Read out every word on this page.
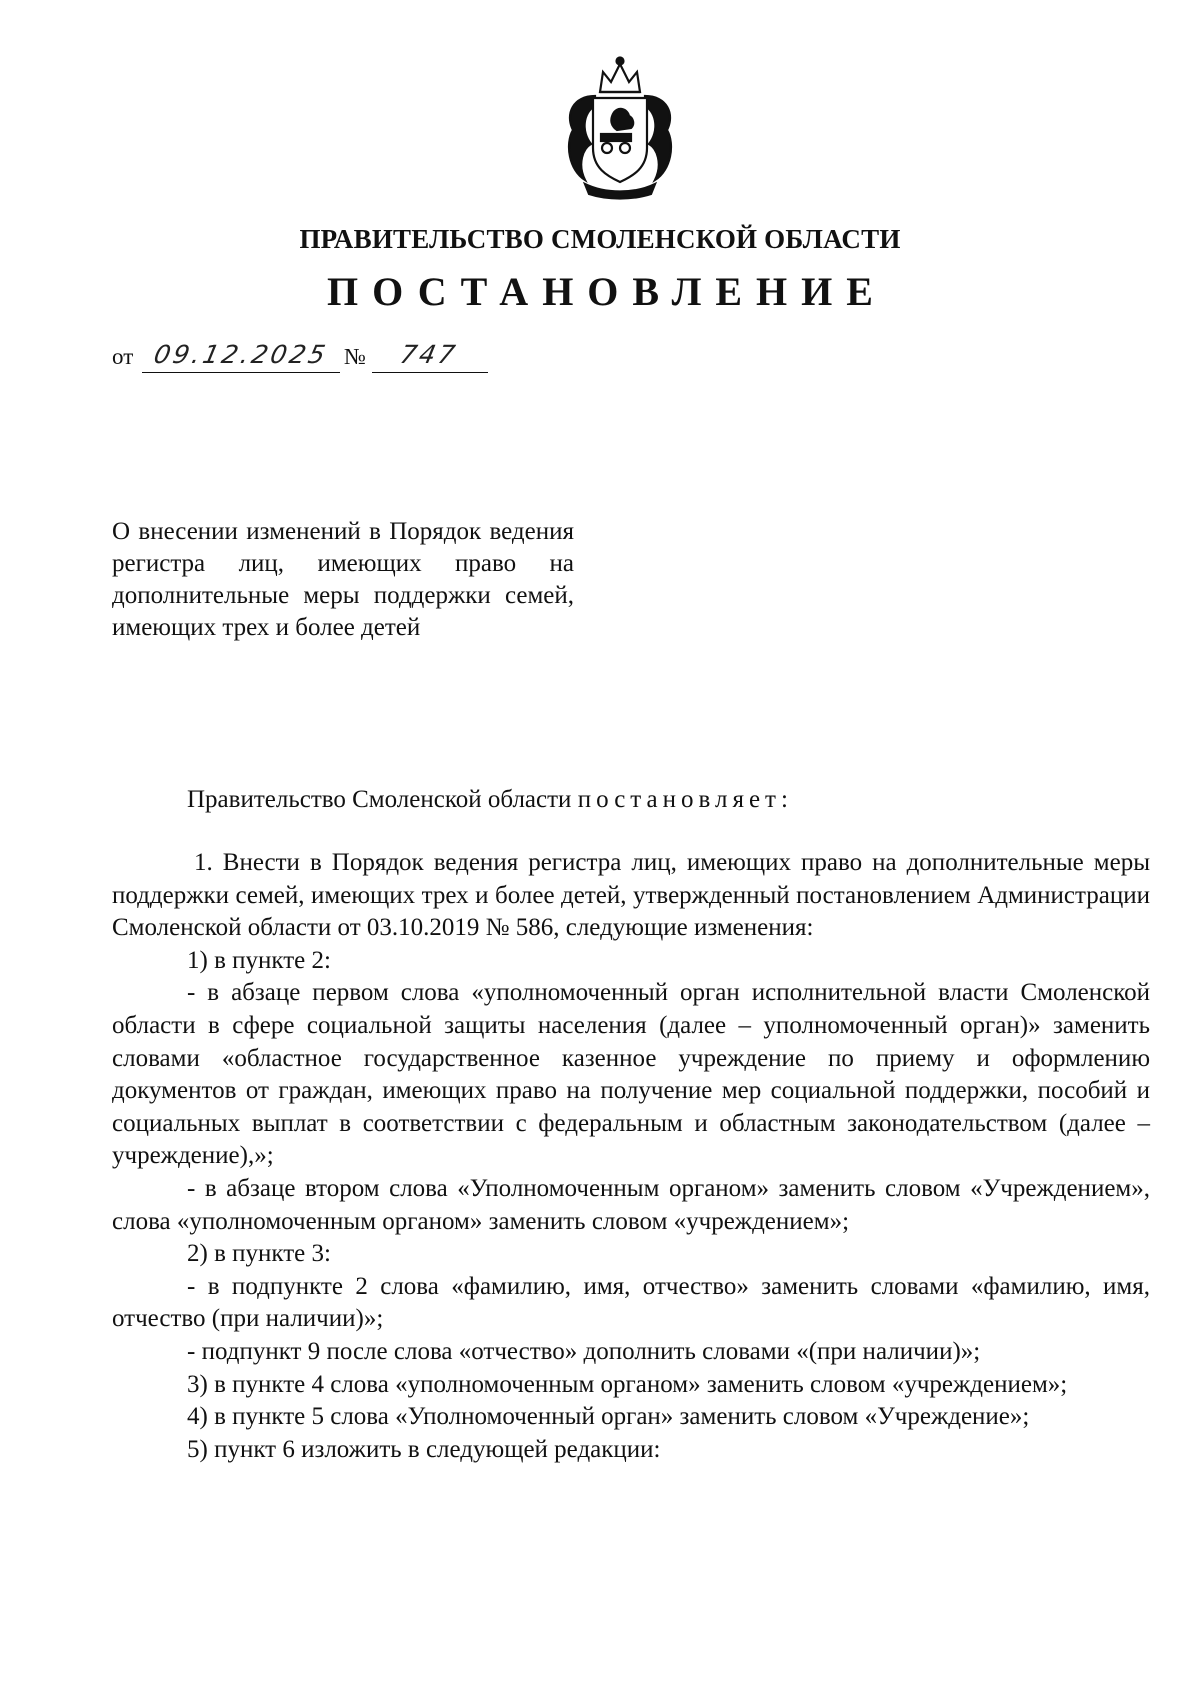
ПРАВИТЕЛЬСТВО СМОЛЕНСКОЙ ОБЛАСТИ
ПОСТАНОВЛЕНИЕ
от 09.12.2025 №	747
О внесении изменений в Порядок ведения регистра лиц, имеющих право на дополнительные меры поддержки семей, имеющих трех и более детей
Правительство Смоленской области постановляет:

1. Внести в Порядок ведения регистра лиц, имеющих право на дополнительные меры поддержки семей, имеющих трех и более детей, утвержденный постановлением Администрации Смоленской области от 03.10.2019 № 586, следующие изменения:

1) в пункте 2:

- в абзаце первом слова «уполномоченный орган исполнительной власти Смоленской области в сфере социальной защиты населения (далее – уполномоченный орган)» заменить словами «областное государственное казенное учреждение по приему и оформлению документов от граждан, имеющих право на получение мер социальной поддержки, пособий и социальных выплат в соответствии с федеральным и областным законодательством (далее – учреждение),»;

- в абзаце втором слова «Уполномоченным органом» заменить словом «Учреждением», слова «уполномоченным органом» заменить словом «учреждением»;

2) в пункте 3:

- в подпункте 2 слова «фамилию, имя, отчество» заменить словами «фамилию, имя, отчество (при наличии)»;

- подпункт 9 после слова «отчество» дополнить словами «(при наличии)»;

3) в пункте 4 слова «уполномоченным органом» заменить словом «учреждением»;

4) в пункте 5 слова «Уполномоченный орган» заменить словом «Учреждение»;

5) пункт 6 изложить в следующей редакции:
